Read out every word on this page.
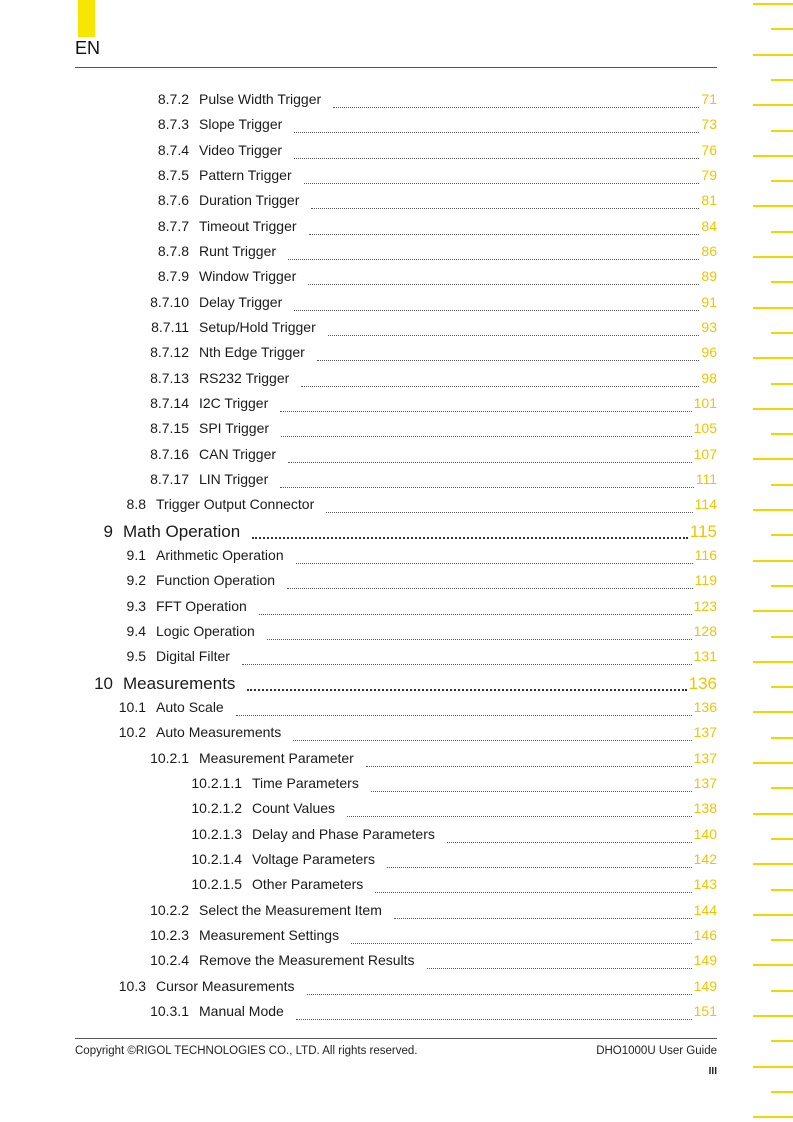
EN
8.7.2 Pulse Width Trigger	71
8.7.3 Slope Trigger	73
8.7.4 Video Trigger	76
8.7.5 Pattern Trigger	79
8.7.6 Duration Trigger	81
8.7.7 Timeout Trigger	84
8.7.8 Runt Trigger	86
8.7.9 Window Trigger	89
8.7.10 Delay Trigger	91
8.7.11 Setup/Hold Trigger	93
8.7.12 Nth Edge Trigger	96
8.7.13 RS232 Trigger	98
8.7.14 I2C Trigger	101
8.7.15 SPI Trigger	105
8.7.16 CAN Trigger	107
8.7.17 LIN Trigger	111
8.8 Trigger Output Connector	114
9 Math Operation	115
9.1 Arithmetic Operation	116
9.2 Function Operation	119
9.3 FFT Operation	123
9.4 Logic Operation	128
9.5 Digital Filter	131
10 Measurements	136
10.1 Auto Scale	136
10.2 Auto Measurements	137
10.2.1 Measurement Parameter	137
10.2.1.1 Time Parameters	137
10.2.1.2 Count Values	138
10.2.1.3 Delay and Phase Parameters	140
10.2.1.4 Voltage Parameters	142
10.2.1.5 Other Parameters	143
10.2.2 Select the Measurement Item	144
10.2.3 Measurement Settings	146
10.2.4 Remove the Measurement Results	149
10.3 Cursor Measurements	149
10.3.1 Manual Mode	151
Copyright ©RIGOL TECHNOLOGIES CO., LTD. All rights reserved.	DHO1000U User Guide
III
